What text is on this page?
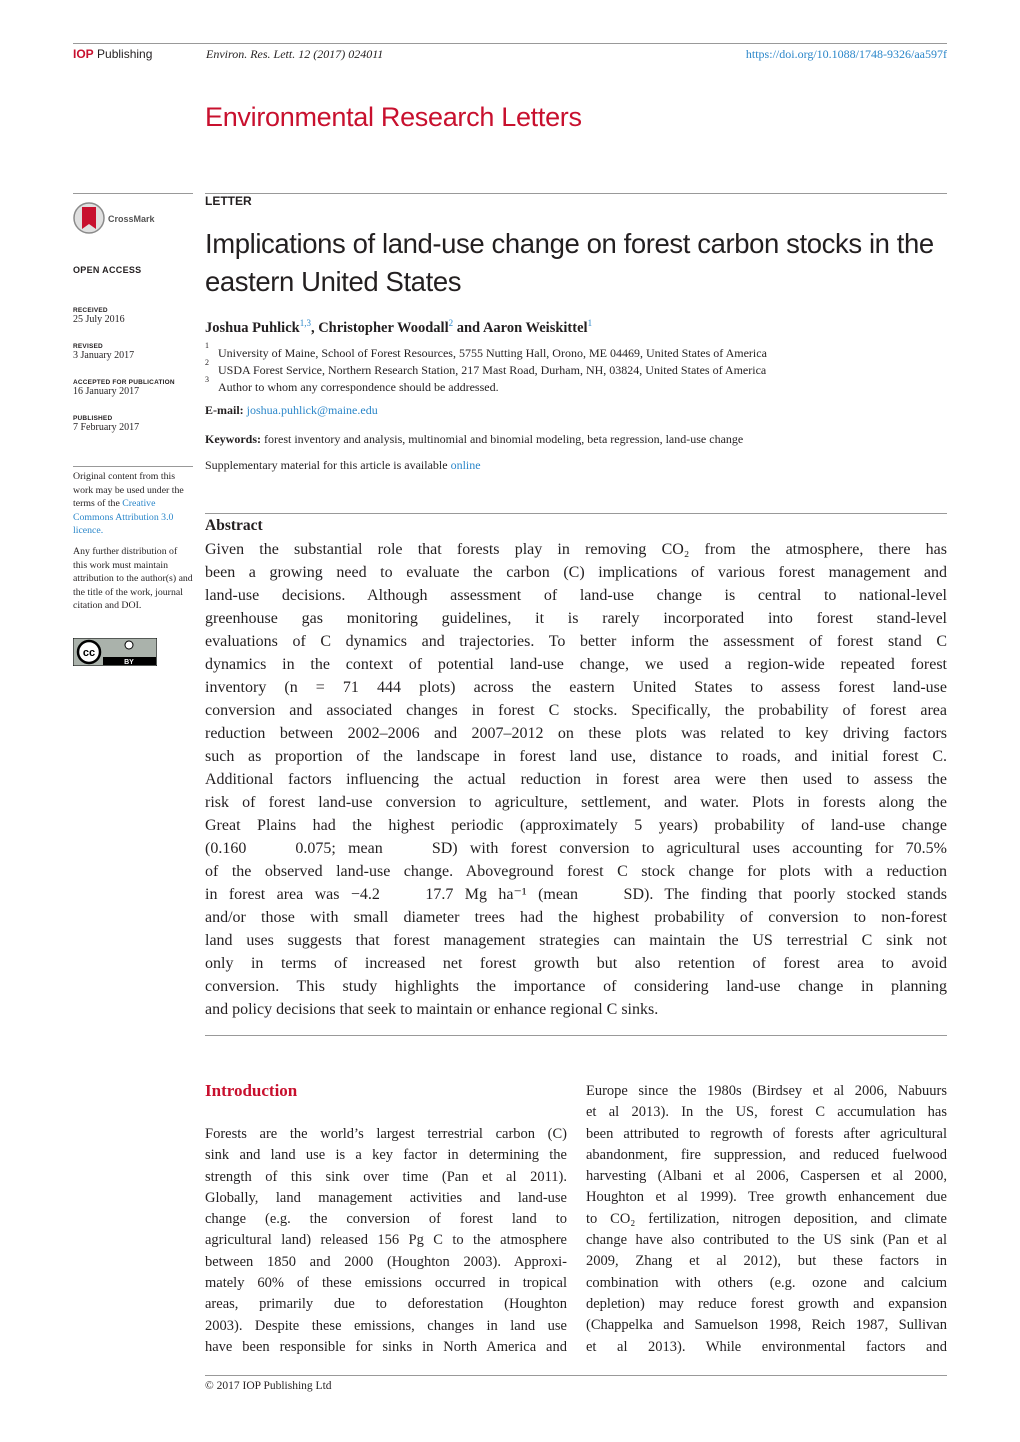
IOP Publishing	Environ. Res. Lett. 12 (2017) 024011	https://doi.org/10.1088/1748-9326/aa597f
Environmental Research Letters
CrossMark
OPEN ACCESS
RECEIVED
25 July 2016
REVISED
3 January 2017
ACCEPTED FOR PUBLICATION
16 January 2017
PUBLISHED
7 February 2017
Original content from this work may be used under the terms of the Creative Commons Attribution 3.0 licence.
Any further distribution of this work must maintain attribution to the author(s) and the title of the work, journal citation and DOI.
cc
BY
LETTER
Implications of land-use change on forest carbon stocks in the eastern United States
Joshua Puhlick$^{1,3}$, Christopher Woodall$^2$ and Aaron Weiskittel$^1$
$^1$University of Maine, School of Forest Resources, 5755 Nutting Hall, Orono, ME 04469, United States of America
$^2$USDA Forest Service, Northern Research Station, 217 Mast Road, Durham, NH, 03824, United States of America
$^3$Author to whom any correspondence should be addressed.
E-mail: joshua.puhlick@maine.edu
Keywords: forest inventory and analysis, multinomial and binomial modeling, beta regression, land-use change
Supplementary material for this article is available online
Abstract
Given the substantial role that forests play in removing CO₂ from the atmosphere, there has
been a growing need to evaluate the carbon (C) implications of various forest management and
land-use decisions. Although assessment of land-use change is central to national-level
greenhouse gas monitoring guidelines, it is rarely incorporated into forest stand-level
evaluations of C dynamics and trajectories. To better inform the assessment of forest stand C
dynamics in the context of potential land-use change, we used a region-wide repeated forest
inventory (n = 71 444 plots) across the eastern United States to assess forest land-use
conversion and associated changes in forest C stocks. Specifically, the probability of forest area
reduction between 2002–2006 and 2007–2012 on these plots was related to key driving factors
such as proportion of the landscape in forest land use, distance to roads, and initial forest C.
Additional factors influencing the actual reduction in forest area were then used to assess the
risk of forest land-use conversion to agriculture, settlement, and water. Plots in forests along the
Great Plains had the highest periodic (approximately 5 years) probability of land-use change
(0.160    0.075; mean    SD) with forest conversion to agricultural uses accounting for 70.5%
of the observed land-use change. Aboveground forest C stock change for plots with a reduction
in forest area was −4.2    17.7 Mg ha⁻¹ (mean    SD). The finding that poorly stocked stands
and/or those with small diameter trees had the highest probability of conversion to non-forest
land uses suggests that forest management strategies can maintain the US terrestrial C sink not
only in terms of increased net forest growth but also retention of forest area to avoid
conversion. This study highlights the importance of considering land-use change in planning
and policy decisions that seek to maintain or enhance regional C sinks.
Introduction
Forests are the world’s largest terrestrial carbon (C)
sink and land use is a key factor in determining the
strength of this sink over time (Pan et al 2011).
Globally, land management activities and land-use
change (e.g. the conversion of forest land to
agricultural land) released 156 Pg C to the atmosphere
between 1850 and 2000 (Houghton 2003). Approxi-
mately 60% of these emissions occurred in tropical
areas, primarily due to deforestation (Houghton
2003). Despite these emissions, changes in land use
have been responsible for sinks in North America and
Europe since the 1980s (Birdsey et al 2006, Nabuurs
et al 2013). In the US, forest C accumulation has
been attributed to regrowth of forests after agricultural
abandonment, fire suppression, and reduced fuelwood
harvesting (Albani et al 2006, Caspersen et al 2000,
Houghton et al 1999). Tree growth enhancement due
to CO₂ fertilization, nitrogen deposition, and climate
change have also contributed to the US sink (Pan et al
2009, Zhang et al 2012), but these factors in
combination with others (e.g. ozone and calcium
depletion) may reduce forest growth and expansion
(Chappelka and Samuelson 1998, Reich 1987, Sullivan
et al 2013). While environmental factors and
© 2017 IOP Publishing Ltd
